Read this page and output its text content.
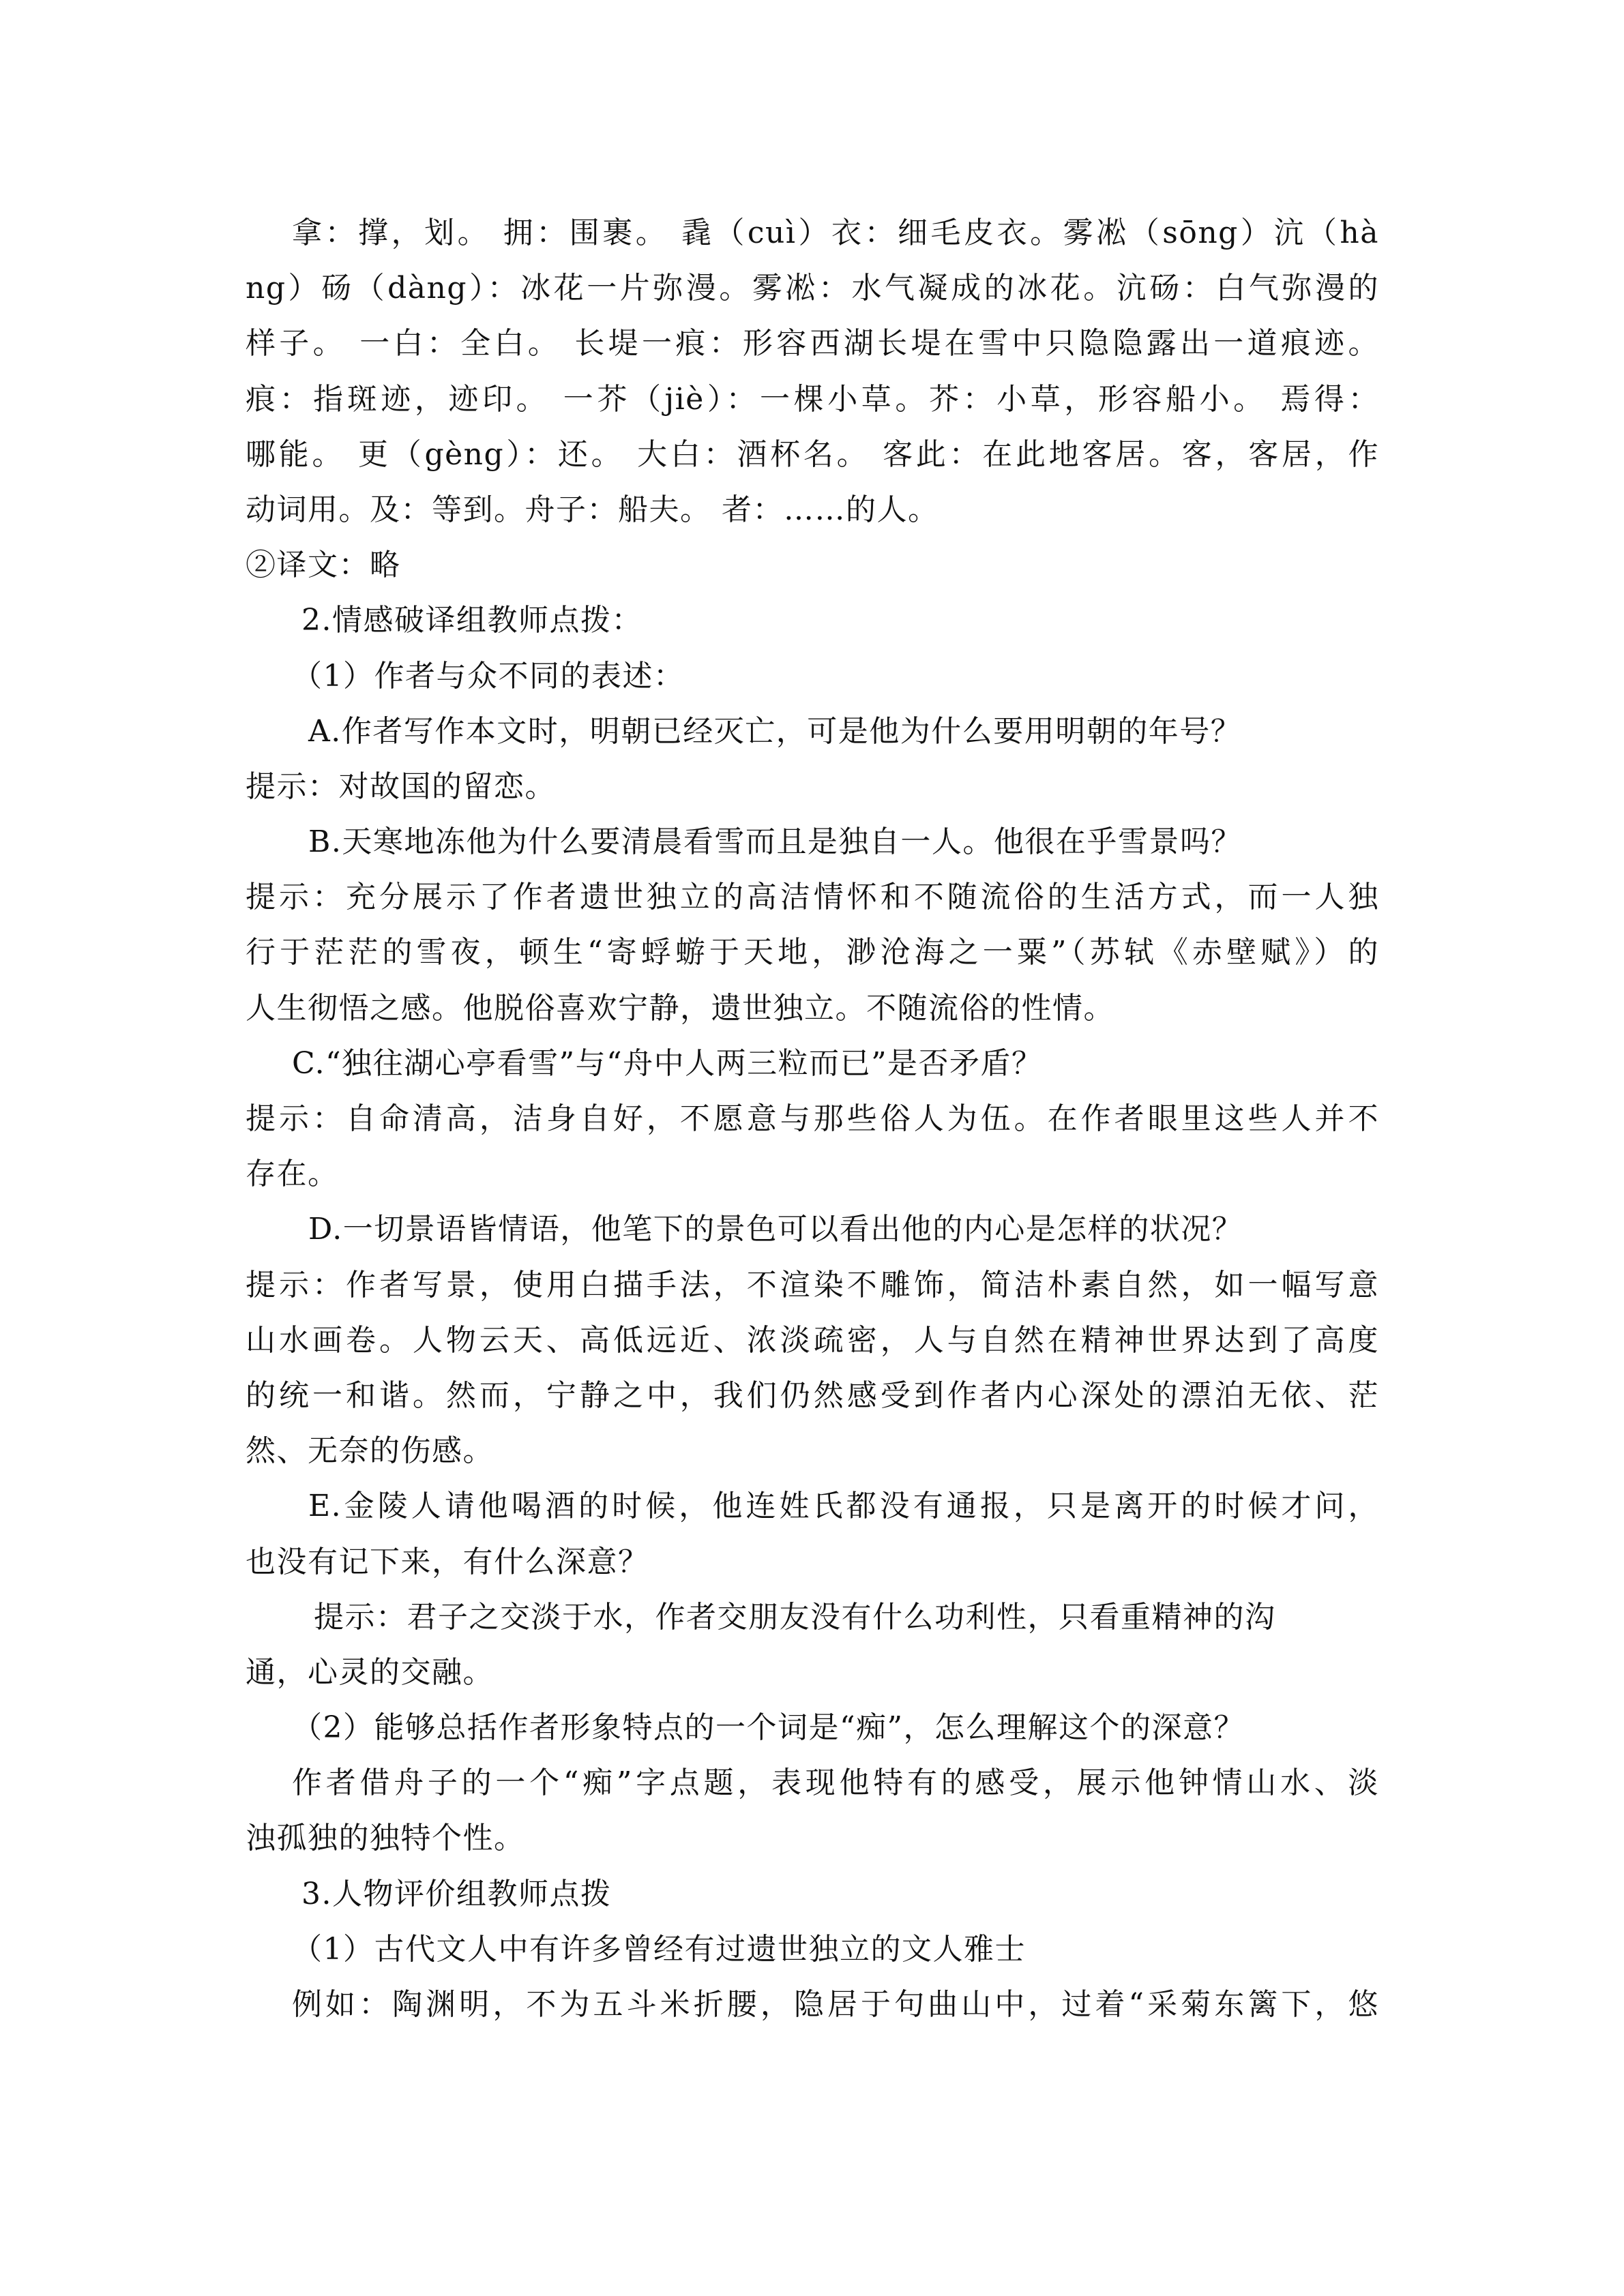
拿：撑，划。 拥：围裹。 毳（cuì）衣：细毛皮衣。雾凇（sōng）沆（hà
ng）砀（dàng）：冰花一片弥漫。雾凇：水气凝成的冰花。沆砀：白气弥漫的
样子。 一白：全白。 长堤一痕：形容西湖长堤在雪中只隐隐露出一道痕迹。
痕：指斑迹，迹印。 一芥（jiè）：一棵小草。芥：小草，形容船小。 焉得：
哪能。 更（gèng）：还。 大白：酒杯名。 客此：在此地客居。客，客居，作
动词用。及：等到。舟子：船夫。 者：……的人。
②译文：略
2.情感破译组教师点拨：
（1）作者与众不同的表述：
A.作者写作本文时，明朝已经灭亡，可是他为什么要用明朝的年号？
提示：对故国的留恋。
B.天寒地冻他为什么要清晨看雪而且是独自一人。他很在乎雪景吗？
提示：充分展示了作者遗世独立的高洁情怀和不随流俗的生活方式，而一人独
行于茫茫的雪夜，顿生“寄蜉蝣于天地，渺沧海之一粟”（苏轼《赤壁赋》）的
人生彻悟之感。他脱俗喜欢宁静，遗世独立。不随流俗的性情。
C.“独往湖心亭看雪”与“舟中人两三粒而已”是否矛盾？
提示：自命清高，洁身自好，不愿意与那些俗人为伍。在作者眼里这些人并不
存在。
D.一切景语皆情语，他笔下的景色可以看出他的内心是怎样的状况？
提示：作者写景，使用白描手法，不渲染不雕饰，简洁朴素自然，如一幅写意
山水画卷。人物云天、高低远近、浓淡疏密，人与自然在精神世界达到了高度
的统一和谐。然而，宁静之中，我们仍然感受到作者内心深处的漂泊无依、茫
然、无奈的伤感。
E.金陵人请他喝酒的时候，他连姓氏都没有通报，只是离开的时候才问，
也没有记下来，有什么深意？
提示：君子之交淡于水，作者交朋友没有什么功利性，只看重精神的沟
通，心灵的交融。
（2）能够总括作者形象特点的一个词是“痴”，怎么理解这个的深意？
作者借舟子的一个“痴”字点题，表现他特有的感受，展示他钟情山水、淡
浊孤独的独特个性。
3.人物评价组教师点拨
（1）古代文人中有许多曾经有过遗世独立的文人雅士
例如：陶渊明，不为五斗米折腰，隐居于句曲山中，过着“采菊东篱下，悠
